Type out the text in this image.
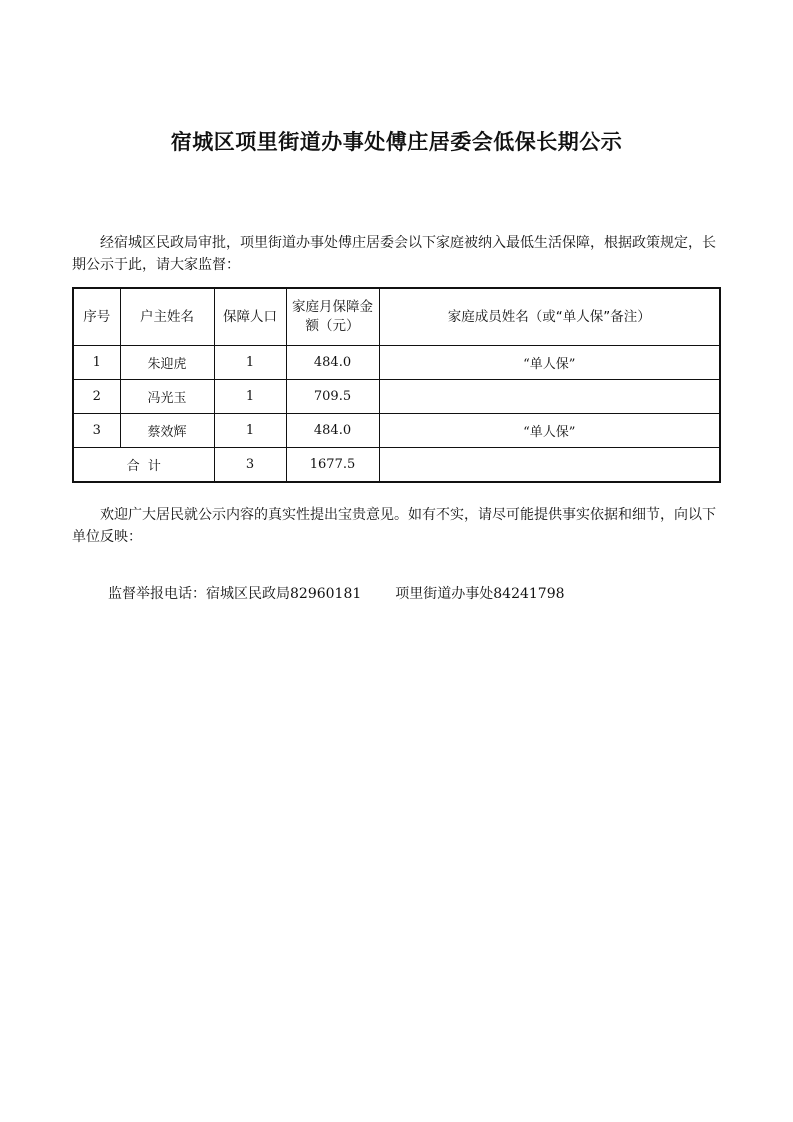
宿城区项里街道办事处傅庄居委会低保长期公示

经宿城区民政局审批，项里街道办事处傅庄居委会以下家庭被纳入最低生活保障，根据政策规定，长期公示于此，请大家监督：

序号	户主姓名	保障人口	家庭月保障金额（元）	家庭成员姓名（或“单人保”备注）
1	朱迎虎	1	484.0	“单人保”
2	冯光玉	1	709.5	
3	蔡效辉	1	484.0	“单人保”
合  计		3	1677.5	

欢迎广大居民就公示内容的真实性提出宝贵意见。如有不实，请尽可能提供事实依据和细节，向以下单位反映：

监督举报电话：宿城区民政局82960181 项里街道办事处84241798
